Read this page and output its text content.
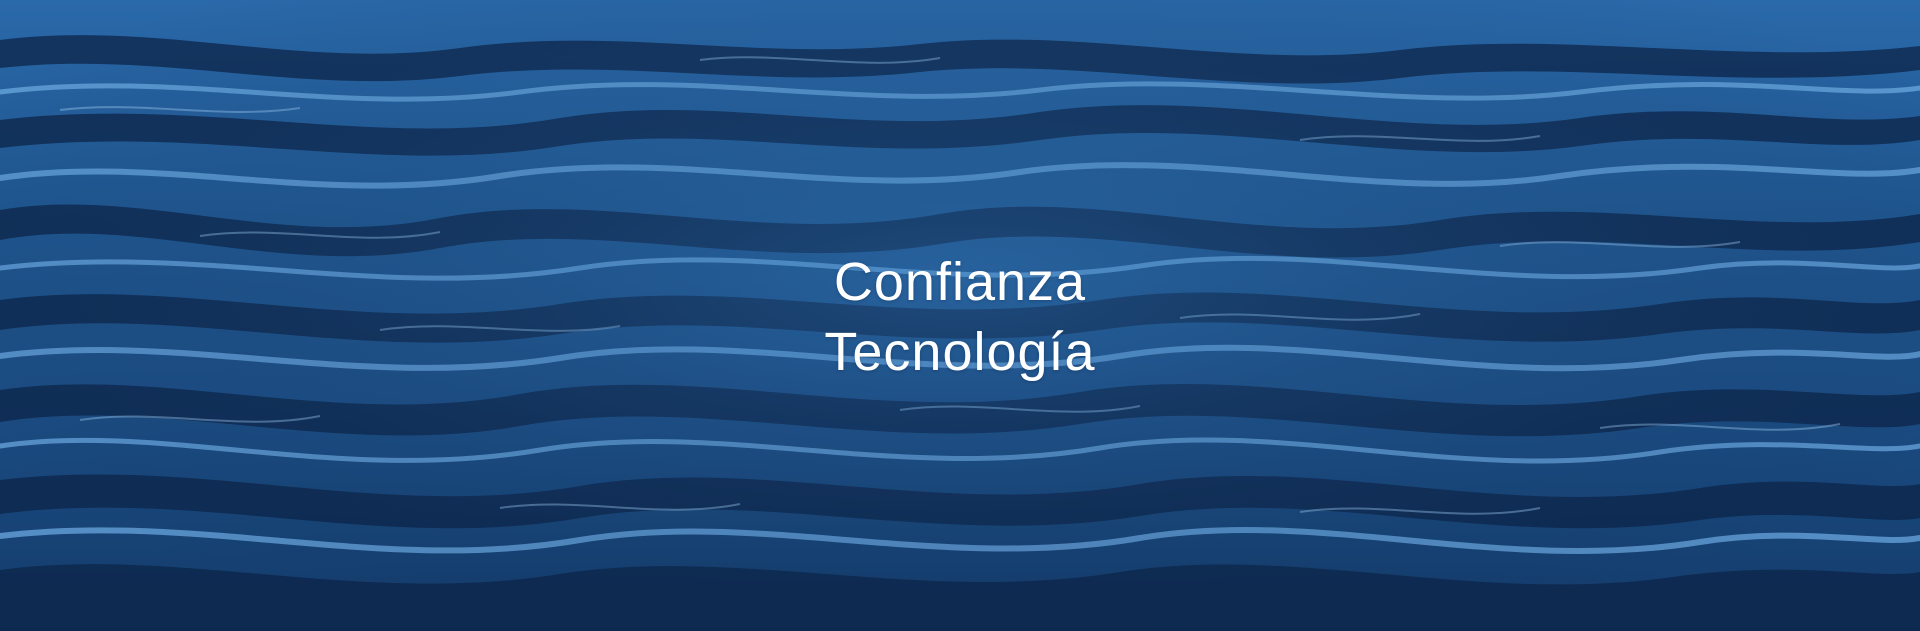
Confianza
Tecnología
